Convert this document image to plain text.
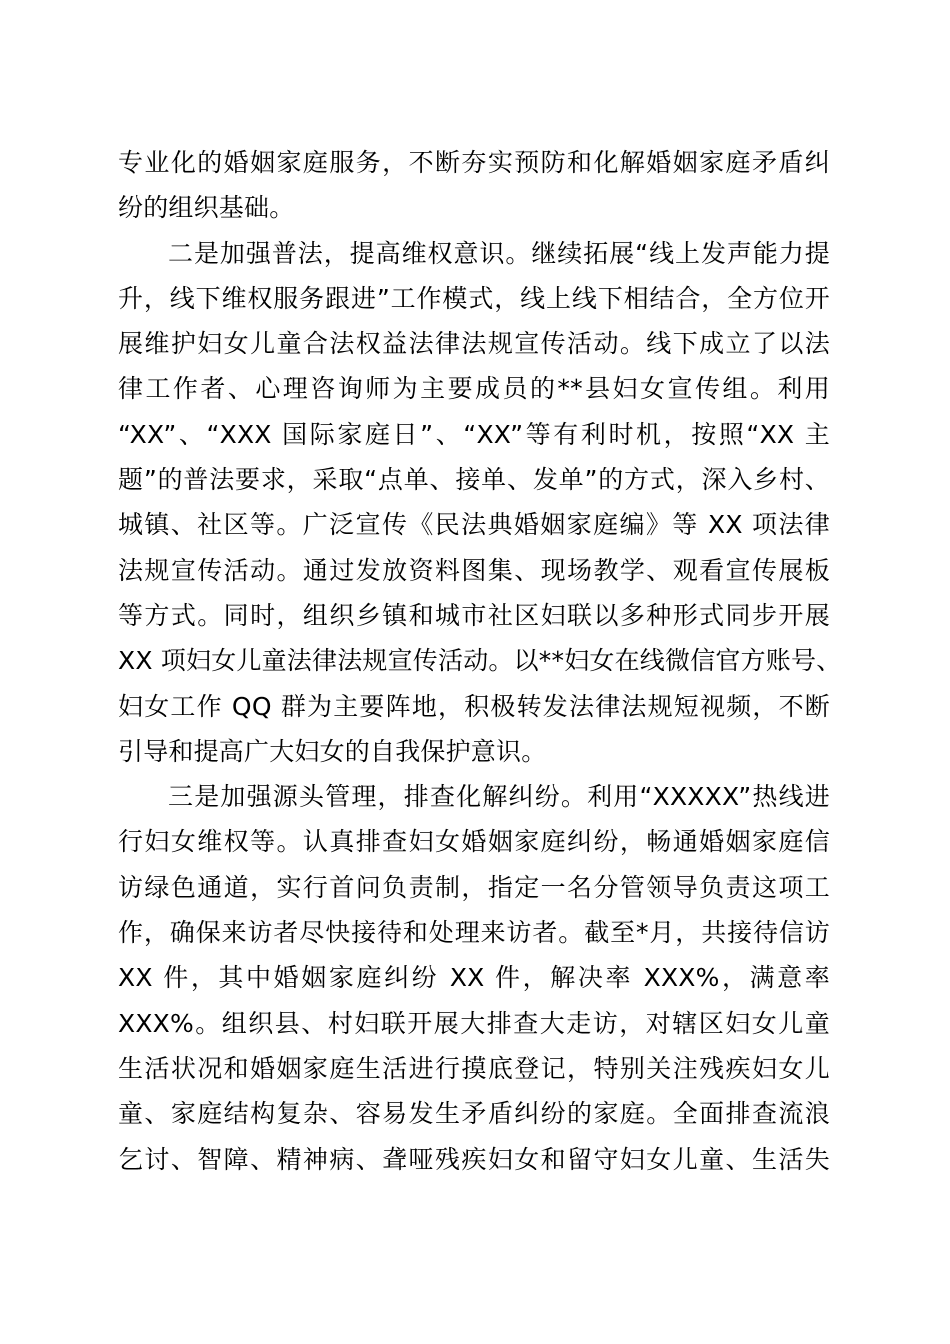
专业化的婚姻家庭服务，不断夯实预防和化解婚姻家庭矛盾纠
纷的组织基础。
二是加强普法，提高维权意识。继续拓展“线上发声能力提
升，线下维权服务跟进”工作模式，线上线下相结合，全方位开
展维护妇女儿童合法权益法律法规宣传活动。线下成立了以法
律工作者、心理咨询师为主要成员的**县妇女宣传组。利用
“XX”、“XXX 国际家庭日”、“XX”等有利时机，按照“XX 主
题”的普法要求，采取“点单、接单、发单”的方式，深入乡村、
城镇、社区等。广泛宣传《民法典婚姻家庭编》等 XX 项法律
法规宣传活动。通过发放资料图集、现场教学、观看宣传展板
等方式。同时，组织乡镇和城市社区妇联以多种形式同步开展
XX 项妇女儿童法律法规宣传活动。以**妇女在线微信官方账号、
妇女工作 QQ 群为主要阵地，积极转发法律法规短视频，不断
引导和提高广大妇女的自我保护意识。
三是加强源头管理，排查化解纠纷。利用“XXXXX”热线进
行妇女维权等。认真排查妇女婚姻家庭纠纷，畅通婚姻家庭信
访绿色通道，实行首问负责制，指定一名分管领导负责这项工
作，确保来访者尽快接待和处理来访者。截至*月，共接待信访
XX 件，其中婚姻家庭纠纷 XX 件，解决率 XXX%，满意率
XXX%。组织县、村妇联开展大排查大走访，对辖区妇女儿童
生活状况和婚姻家庭生活进行摸底登记，特别关注残疾妇女儿
童、家庭结构复杂、容易发生矛盾纠纷的家庭。全面排查流浪
乞讨、智障、精神病、聋哑残疾妇女和留守妇女儿童、生活失
